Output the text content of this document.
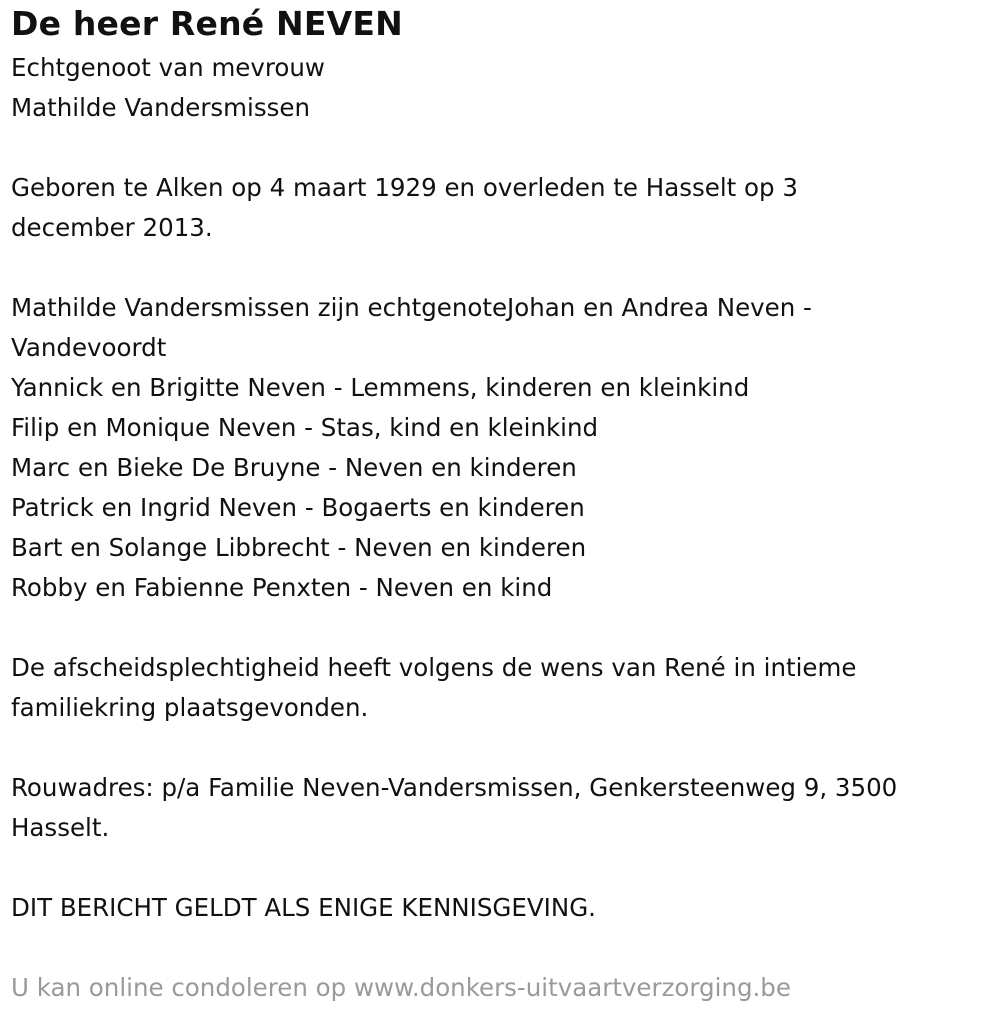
De heer René NEVEN

Echtgenoot van mevrouw

Mathilde Vandersmissen

Geboren te Alken op 4 maart 1929 en overleden te Hasselt op 3

december 2013.

Mathilde Vandersmissen zijn echtgenoteJohan en Andrea Neven -

Vandevoordt

Yannick en Brigitte Neven - Lemmens, kinderen en kleinkind

Filip en Monique Neven - Stas, kind en kleinkind

Marc en Bieke De Bruyne - Neven en kinderen

Patrick en Ingrid Neven - Bogaerts en kinderen

Bart en Solange Libbrecht - Neven en kinderen

Robby en Fabienne Penxten - Neven en kind

De afscheidsplechtigheid heeft volgens de wens van René in intieme

familiekring plaatsgevonden.

Rouwadres: p/a Familie Neven-Vandersmissen, Genkersteenweg 9, 3500

Hasselt.

DIT BERICHT GELDT ALS ENIGE KENNISGEVING.

U kan online condoleren op www.donkers-uitvaartverzorging.be
